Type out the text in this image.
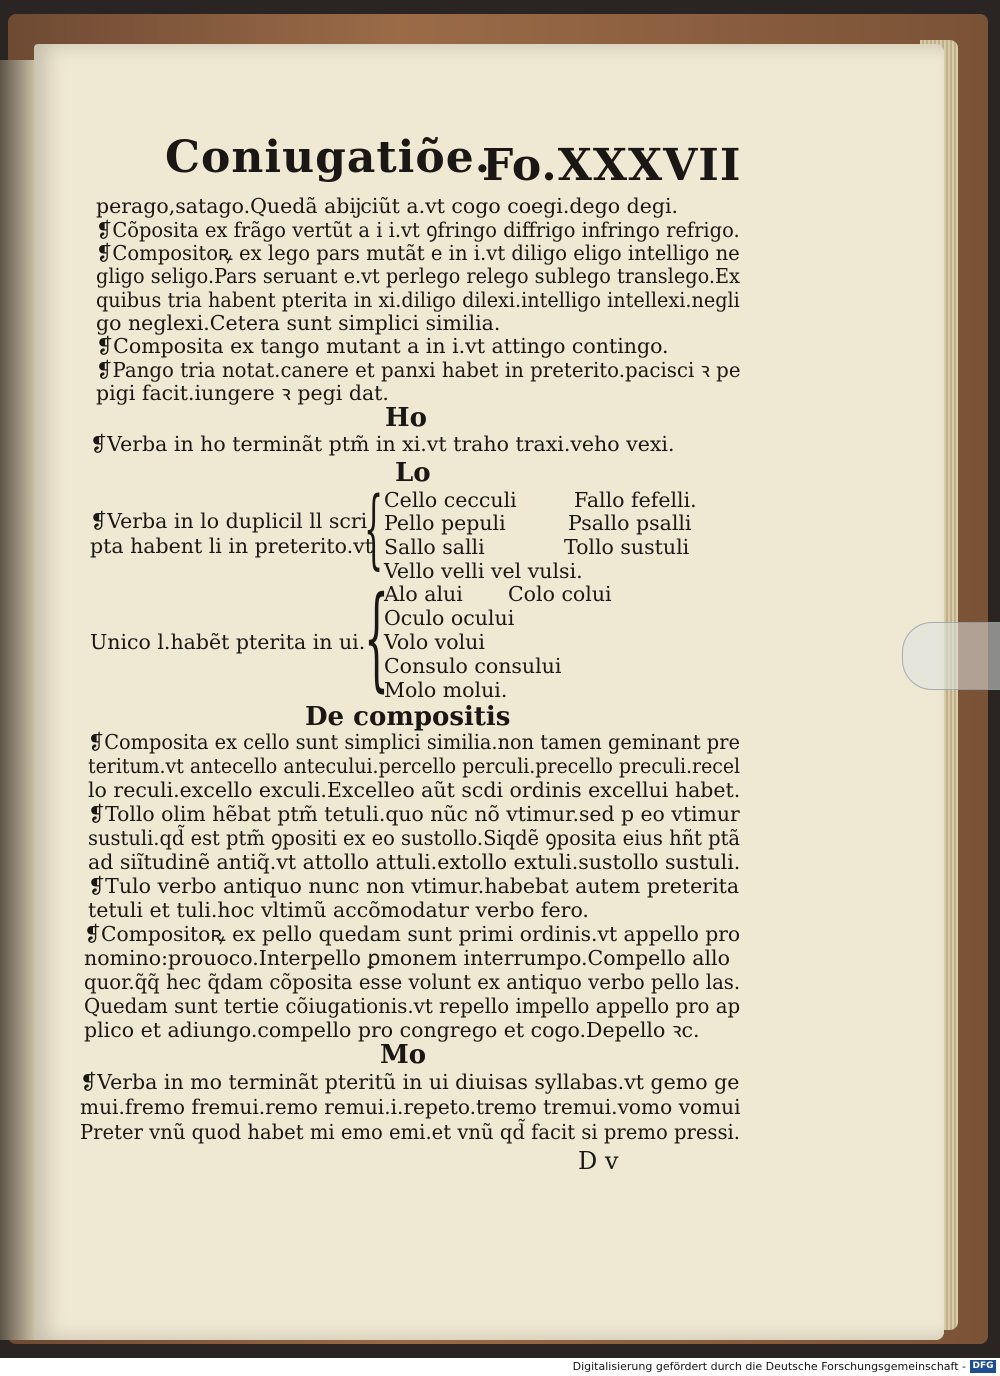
Coniugatiõe.
Fo.XXXVII
perago,satago.Quedã abĳciũt a.vt cogo coegi.dego degi.
❡Cõposita ex frãgo vertũt a i i.vt ꝯfringo diffrigo infringo refrigo.
❡Compositoꝶ ex lego pars mutãt e in i.vt diligo eligo intelligo ne
gligo seligo.Pars seruant e.vt perlego relego sublego translego.Ex
quibus tria habent pterita in xi.diligo dilexi.intelligo intellexi.negli
go neglexi.Cetera sunt simplici similia.
❡Composita ex tango mutant a in i.vt attingo contingo.
❡Pango tria notat.canere et panxi habet in preterito.pacisci ꝛ pe
pigi facit.iungere ꝛ pegi dat.
Ho
❡Verba in ho terminãt ptm̃ in xi.vt traho traxi.veho vexi.
Lo
❡Verba in lo duplicil ll scri
pta habent li in preterito.vt
{ Cello cecculi
Pello pepuli
Sallo salli
Vello velli vel vulsi.
Fallo fefelli.
Psallo psalli
Tollo sustuli
Unico l.habẽt pterita in ui.
{
Alo alui Colo colui
Oculo ocului
Volo volui
Consulo consului
Molo molui.
De compositis
❡Composita ex cello sunt simplici similia.non tamen geminant pre
teritum.vt antecello antecului.percello perculi.precello preculi.recel
lo reculi.excello exculi.Excelleo aũt scdi ordinis excellui habet.
❡Tollo olim hẽbat ptm̃ tetuli.quo nũc nõ vtimur.sed p eo vtimur
sustuli.qd̃ est ptm̃ ꝯpositi ex eo sustollo.Siqdẽ ꝯposita eius hñt ptã
ad siĩtudinẽ antiq̃.vt attollo attuli.extollo extuli.sustollo sustuli.
❡Tulo verbo antiquo nunc non vtimur.habebat autem preterita
tetuli et tuli.hoc vltimũ accõmodatur verbo fero.
❡Compositoꝶ ex pello quedam sunt primi ordinis.vt appello pro
nomino:prouoco.Interpello ꝑmonem interrumpo.Compello allo
quor.q̃q̃ hec q̃dam cõposita esse volunt ex antiquo verbo pello las.
Quedam sunt tertie cõiugationis.vt repello impello appello pro ap
plico et adiungo.compello pro congrego et cogo.Depello ꝛc.
Mo
❡Verba in mo terminãt pteritũ in ui diuisas syllabas.vt gemo ge
mui.fremo fremui.remo remui.i.repeto.tremo tremui.vomo vomui
Preter vnũ quod habet mi emo emi.et vnũ qd̃ facit si premo pressi.
D v
Digitalisierung gefördert durch die Deutsche Forschungsgemeinschaft - DFG
